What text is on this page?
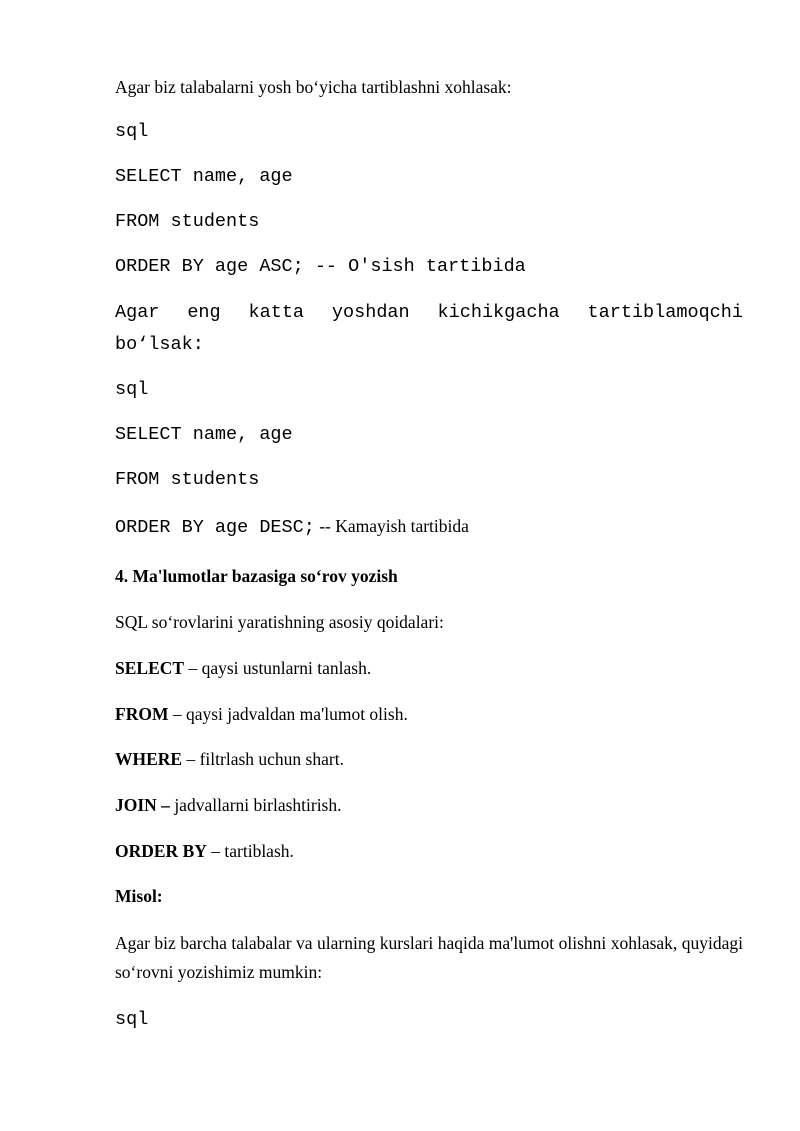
Agar biz talabalarni yosh bo‘yicha tartiblashni xohlasak:
sql
SELECT name, age
FROM students
ORDER BY age ASC; -- O'sish tartibida
Agar eng katta yoshdan kichikgacha tartiblamoqchi
bo‘lsak:
sql
SELECT name, age
FROM students
ORDER BY age DESC; -- Kamayish tartibida
4. Ma'lumotlar bazasiga so‘rov yozish
SQL so‘rovlarini yaratishning asosiy qoidalari:
SELECT – qaysi ustunlarni tanlash.
FROM – qaysi jadvaldan ma'lumot olish.
WHERE – filtrlash uchun shart.
JOIN – jadvallarni birlashtirish.
ORDER BY – tartiblash.
Misol:
Agar biz barcha talabalar va ularning kurslari haqida ma'lumot olishni xohlasak, quyidagi so‘rovni yozishimiz mumkin:
sql
